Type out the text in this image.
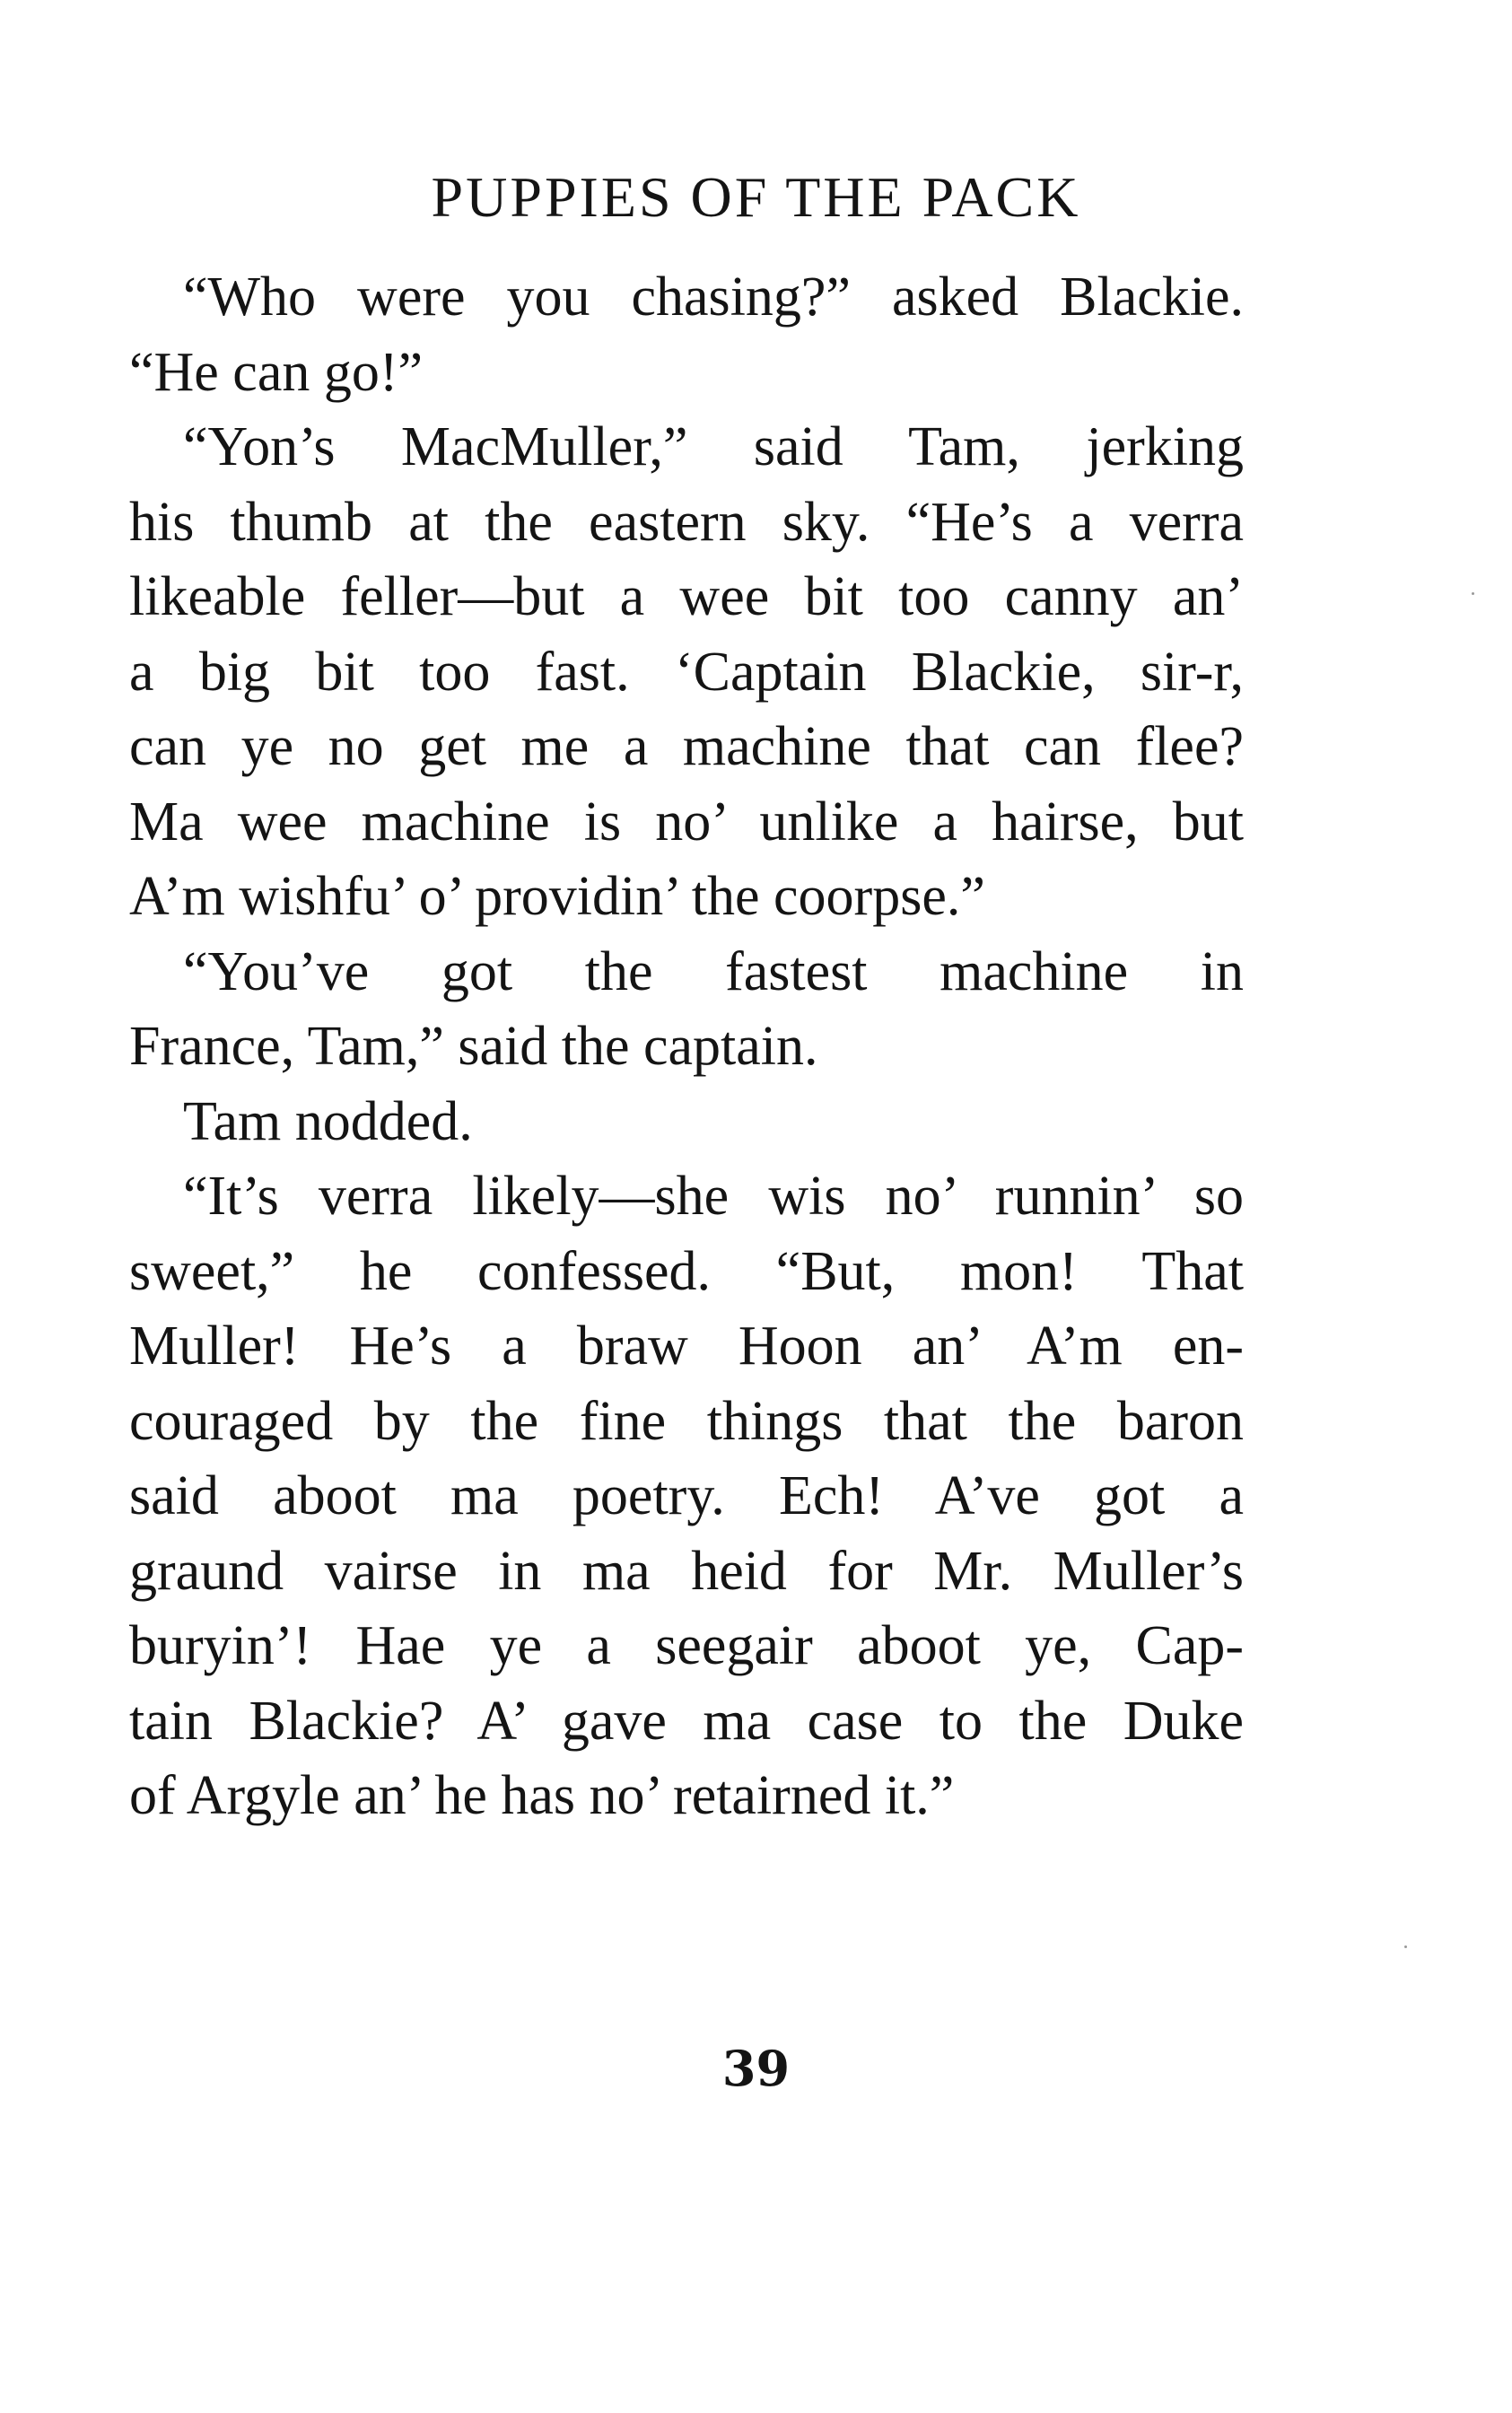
PUPPIES OF THE PACK
“Who were you chasing?” asked Blackie.
“He can go!”
“Yon’s MacMuller,” said Tam, jerking
his thumb at the eastern sky. “He’s a verra
likeable feller—but a wee bit too canny an’
a big bit too fast. ‘Captain Blackie, sir-r,
can ye no get me a machine that can flee?
Ma wee machine is no’ unlike a hairse, but
A’m wishfu’ o’ providin’ the coorpse.”
“You’ve got the fastest machine in
France, Tam,” said the captain.
Tam nodded.
“It’s verra likely—she wis no’ runnin’ so
sweet,” he confessed. “But, mon! That
Muller! He’s a braw Hoon an’ A’m en-
couraged by the fine things that the baron
said aboot ma poetry. Ech! A’ve got a
graund vairse in ma heid for Mr. Muller’s
buryin’! Hae ye a seegair aboot ye, Cap-
tain Blackie? A’ gave ma case to the Duke
of Argyle an’ he has no’ retairned it.”
39
